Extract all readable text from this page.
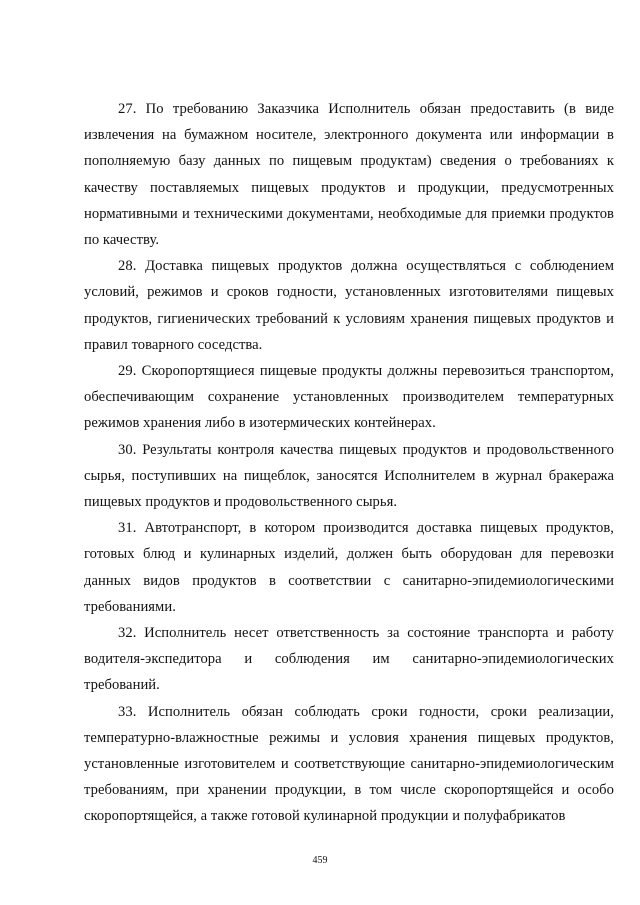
27. По требованию Заказчика Исполнитель обязан предоставить (в виде извлечения на бумажном носителе, электронного документа или информации в пополняемую базу данных по пищевым продуктам) сведения о требованиях к качеству поставляемых пищевых продуктов и продукции, предусмотренных нормативными и техническими документами, необходимые для приемки продуктов по качеству.

28. Доставка пищевых продуктов должна осуществляться с соблюдением условий, режимов и сроков годности, установленных изготовителями пищевых продуктов, гигиенических требований к условиям хранения пищевых продуктов и правил товарного соседства.

29. Скоропортящиеся пищевые продукты должны перевозиться транспортом, обеспечивающим сохранение установленных производителем температурных режимов хранения либо в изотермических контейнерах.

30. Результаты контроля качества пищевых продуктов и продовольственного сырья, поступивших на пищеблок, заносятся Исполнителем в журнал бракеража пищевых продуктов и продовольственного сырья.

31. Автотранспорт, в котором производится доставка пищевых продуктов, готовых блюд и кулинарных изделий, должен быть оборудован для перевозки данных видов продуктов в соответствии с санитарно-эпидемиологическими требованиями.

32. Исполнитель несет ответственность за состояние транспорта и работу водителя-экспедитора и соблюдения им санитарно-эпидемиологических требований.

33. Исполнитель обязан соблюдать сроки годности, сроки реализации, температурно-влажностные режимы и условия хранения пищевых продуктов, установленные изготовителем и соответствующие санитарно-эпидемиологическим требованиям, при хранении продукции, в том числе скоропортящейся и особо скоропортящейся, а также готовой кулинарной продукции и полуфабрикатов

459
